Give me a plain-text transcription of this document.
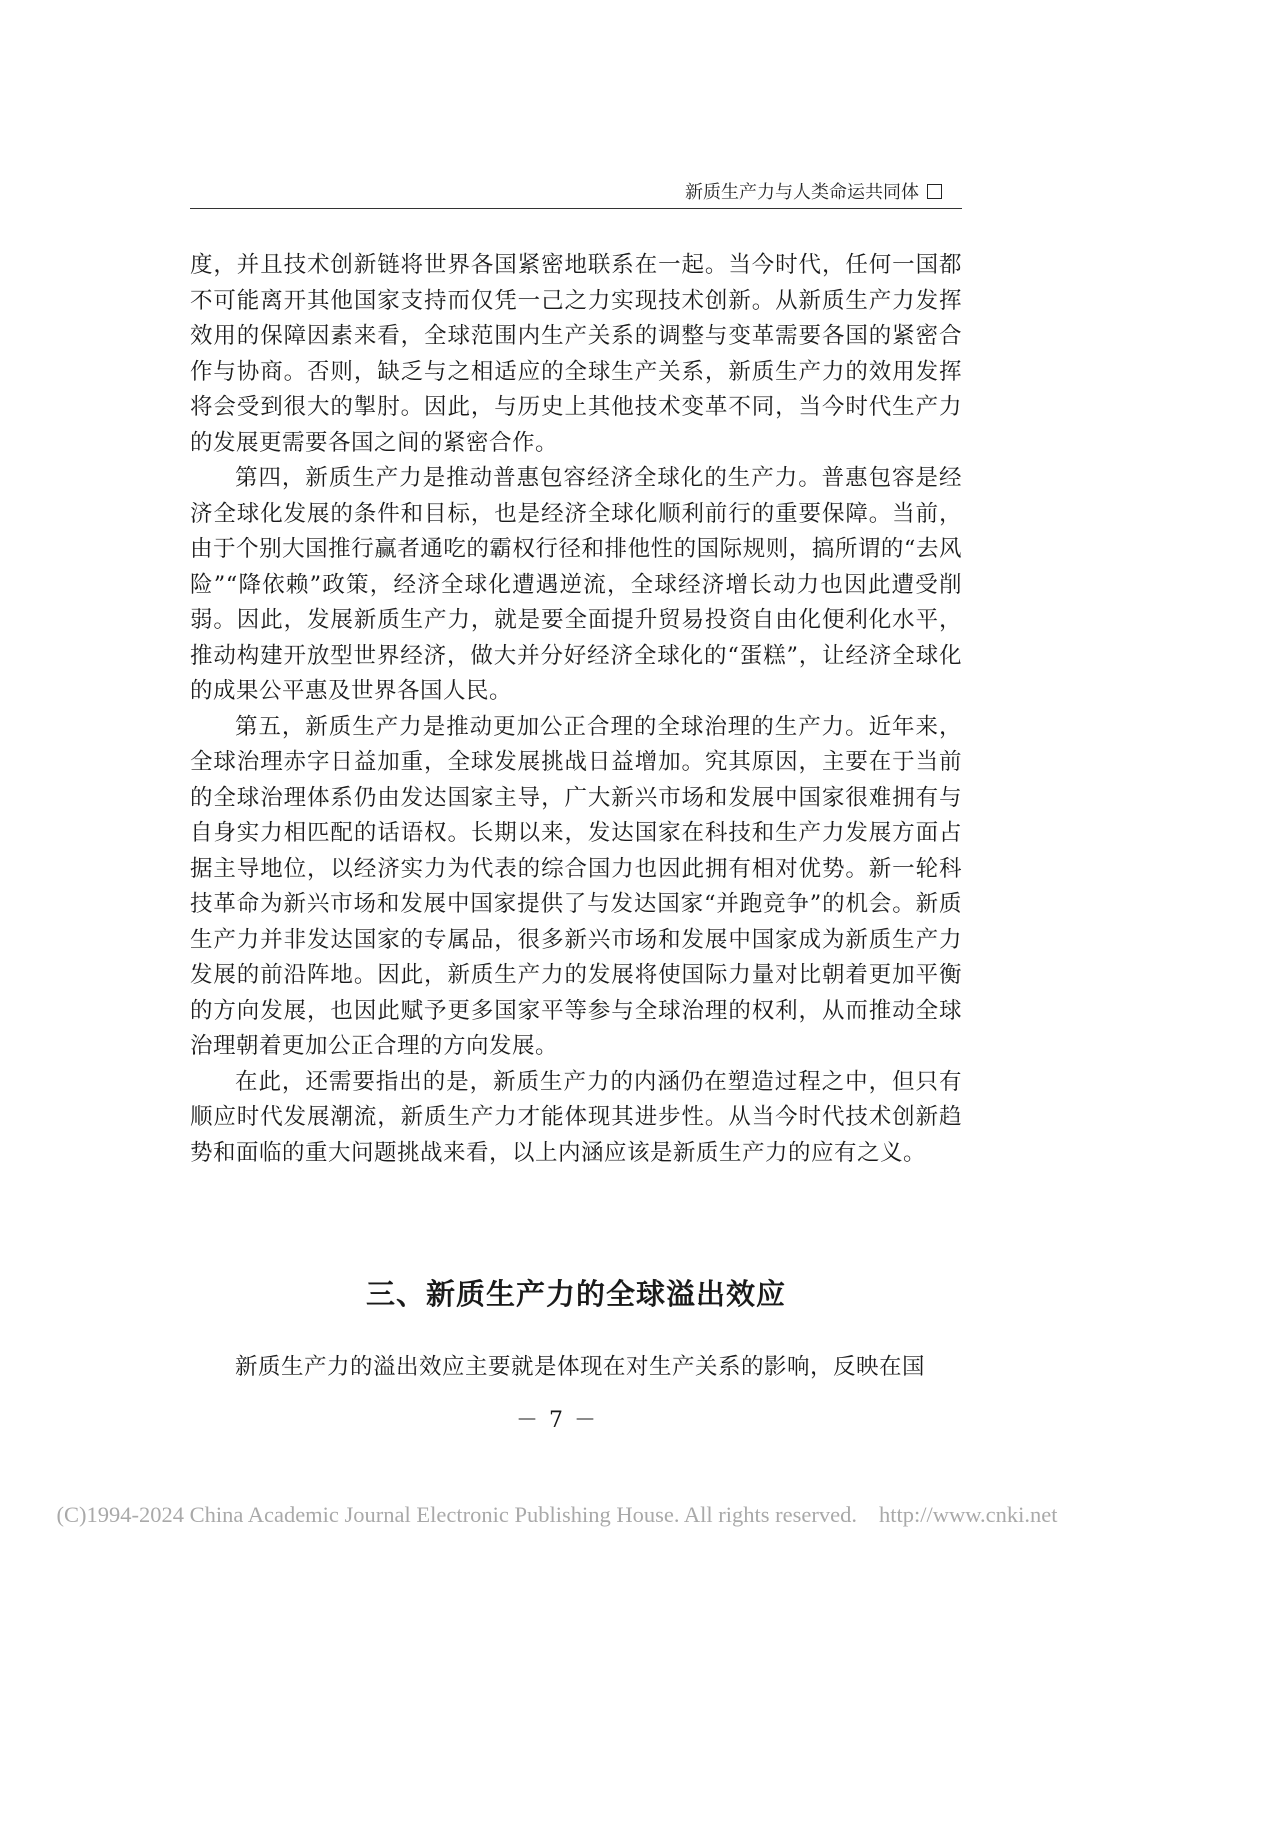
新质生产力与人类命运共同体

度，并且技术创新链将世界各国紧密地联系在一起。当今时代，任何一国都不可能离开其他国家支持而仅凭一己之力实现技术创新。从新质生产力发挥效用的保障因素来看，全球范围内生产关系的调整与变革需要各国的紧密合作与协商。否则，缺乏与之相适应的全球生产关系，新质生产力的效用发挥将会受到很大的掣肘。因此，与历史上其他技术变革不同，当今时代生产力的发展更需要各国之间的紧密合作。

第四，新质生产力是推动普惠包容经济全球化的生产力。普惠包容是经济全球化发展的条件和目标，也是经济全球化顺利前行的重要保障。当前，由于个别大国推行赢者通吃的霸权行径和排他性的国际规则，搞所谓的“去风险”“降依赖”政策，经济全球化遭遇逆流，全球经济增长动力也因此遭受削弱。因此，发展新质生产力，就是要全面提升贸易投资自由化便利化水平，推动构建开放型世界经济，做大并分好经济全球化的“蛋糕”，让经济全球化的成果公平惠及世界各国人民。

第五，新质生产力是推动更加公正合理的全球治理的生产力。近年来，全球治理赤字日益加重，全球发展挑战日益增加。究其原因，主要在于当前的全球治理体系仍由发达国家主导，广大新兴市场和发展中国家很难拥有与自身实力相匹配的话语权。长期以来，发达国家在科技和生产力发展方面占据主导地位，以经济实力为代表的综合国力也因此拥有相对优势。新一轮科技革命为新兴市场和发展中国家提供了与发达国家“并跑竞争”的机会。新质生产力并非发达国家的专属品，很多新兴市场和发展中国家成为新质生产力发展的前沿阵地。因此，新质生产力的发展将使国际力量对比朝着更加平衡的方向发展，也因此赋予更多国家平等参与全球治理的权利，从而推动全球治理朝着更加公正合理的方向发展。

在此，还需要指出的是，新质生产力的内涵仍在塑造过程之中，但只有顺应时代发展潮流，新质生产力才能体现其进步性。从当今时代技术创新趋势和面临的重大问题挑战来看，以上内涵应该是新质生产力的应有之义。

三、新质生产力的全球溢出效应

新质生产力的溢出效应主要就是体现在对生产关系的影响，反映在国

－ 7 －
(C)1994-2024 China Academic Journal Electronic Publishing House. All rights reserved. http://www.cnki.net
